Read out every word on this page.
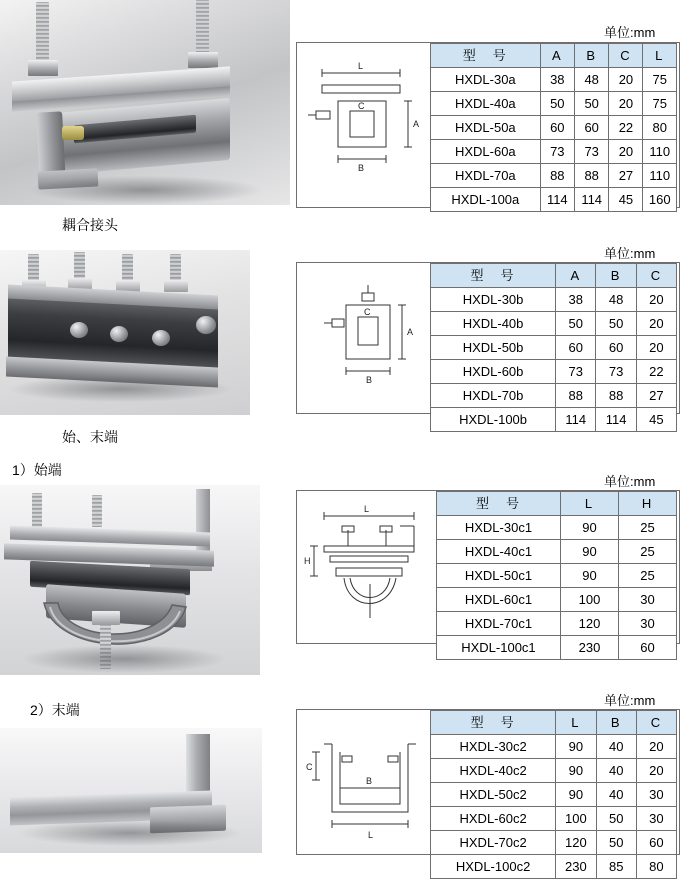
耦合接头
始、末端
1）始端
2）末端
单位:mm
L
C
A
B
型　号	A	B	C	L
HXDL-30a	38	48	20	75
HXDL-40a	50	50	20	75
HXDL-50a	60	60	22	80
HXDL-60a	73	73	20	110
HXDL-70a	88	88	27	110
HXDL-100a	114	114	45	160
单位:mm
C
A
B
型　号	A	B	C
HXDL-30b	38	48	20
HXDL-40b	50	50	20
HXDL-50b	60	60	20
HXDL-60b	73	73	22
HXDL-70b	88	88	27
HXDL-100b	114	114	45
单位:mm
L
H
型　号	L	H
HXDL-30c1	90	25
HXDL-40c1	90	25
HXDL-50c1	90	25
HXDL-60c1	100	30
HXDL-70c1	120	30
HXDL-100c1	230	60
单位:mm
C
B
L
型　号	L	B	C
HXDL-30c2	90	40	20
HXDL-40c2	90	40	20
HXDL-50c2	90	40	30
HXDL-60c2	100	50	30
HXDL-70c2	120	50	60
HXDL-100c2	230	85	80
